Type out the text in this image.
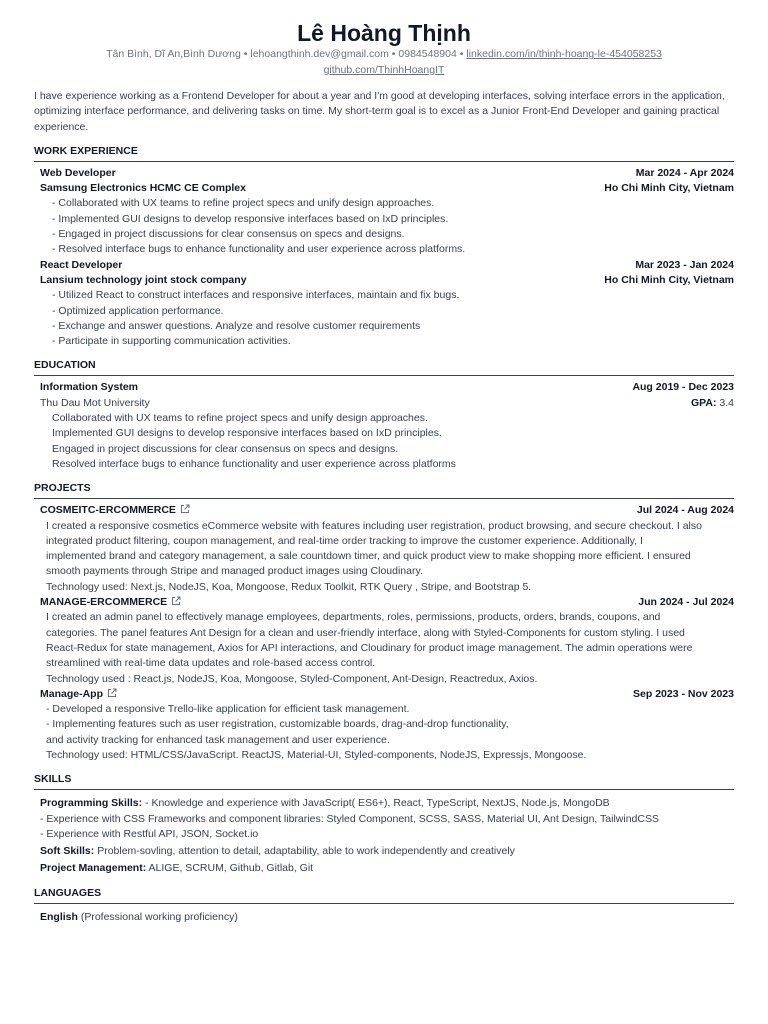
Lê Hoàng Thịnh
Tân Bình, Dĩ An,Bình Dương • lehoangthinh.dev@gmail.com • 0984548904 • linkedin.com/in/thinh-hoang-le-454058253
github.com/ThinhHoangIT
I have experience working as a Frontend Developer for about a year and I'm good at developing interfaces, solving interface errors in the application, optimizing interface performance, and delivering tasks on time. My short-term goal is to excel as a Junior Front-End Developer and gaining practical experience.
WORK EXPERIENCE
Web Developer	Mar 2024 - Apr 2024
Samsung Electronics HCMC CE Complex	Ho Chi Minh City, Vietnam
- Collaborated with UX teams to refine project specs and unify design approaches.
- Implemented GUI designs to develop responsive interfaces based on IxD principles.
- Engaged in project discussions for clear consensus on specs and designs.
- Resolved interface bugs to enhance functionality and user experience across platforms.
React Developer	Mar 2023 - Jan 2024
Lansium technology joint stock company	Ho Chi Minh City, Vietnam
- Utilized React to construct interfaces and responsive interfaces, maintain and fix bugs.
- Optimized application performance.
- Exchange and answer questions. Analyze and resolve customer requirements
- Participate in supporting communication activities.
EDUCATION
Information System	Aug 2019 - Dec 2023
Thu Dau Mot University	GPA: 3.4
Collaborated with UX teams to refine project specs and unify design approaches.
Implemented GUI designs to develop responsive interfaces based on IxD principles.
Engaged in project discussions for clear consensus on specs and designs.
Resolved interface bugs to enhance functionality and user experience across platforms
PROJECTS
COSMEITC-ERCOMMERCE	Jul 2024 - Aug 2024
I created a responsive cosmetics eCommerce website with features including user registration, product browsing, and secure checkout. I also
integrated product filtering, coupon management, and real-time order tracking to improve the customer experience. Additionally, I
implemented brand and category management, a sale countdown timer, and quick product view to make shopping more efficient. I ensured
smooth payments through Stripe and managed product images using Cloudinary.
Technology used: Next.js, NodeJS, Koa, Mongoose, Redux Toolkit, RTK Query , Stripe, and Bootstrap 5.
MANAGE-ERCOMMERCE	Jun 2024 - Jul 2024
I created an admin panel to effectively manage employees, departments, roles, permissions, products, orders, brands, coupons, and
categories. The panel features Ant Design for a clean and user-friendly interface, along with Styled-Components for custom styling. I used
React-Redux for state management, Axios for API interactions, and Cloudinary for product image management. The admin operations were
streamlined with real-time data updates and role-based access control.
Technology used : React.js, NodeJS, Koa, Mongoose, Styled-Component, Ant-Design, Reactredux, Axios.
Manage-App	Sep 2023 - Nov 2023
- Developed a responsive Trello-like application for efficient task management.
- Implementing features such as user registration, customizable boards, drag-and-drop functionality,
and activity tracking for enhanced task management and user experience.
Technology used: HTML/CSS/JavaScript. ReactJS, Material-UI, Styled-components, NodeJS, Expressjs, Mongoose.
SKILLS
Programming Skills: - Knowledge and experience with JavaScript( ES6+), React, TypeScript, NextJS, Node.js, MongoDB
- Experience with CSS Frameworks and component libraries: Styled Component, SCSS, SASS, Material UI, Ant Design, TailwindCSS
- Experience with Restful API, JSON, Socket.io
Soft Skills: Problem-sovling, attention to detail, adaptability, able to work independently and creatively
Project Management: ALIGE, SCRUM, Github, Gitlab, Git
LANGUAGES
English (Professional working proficiency)
